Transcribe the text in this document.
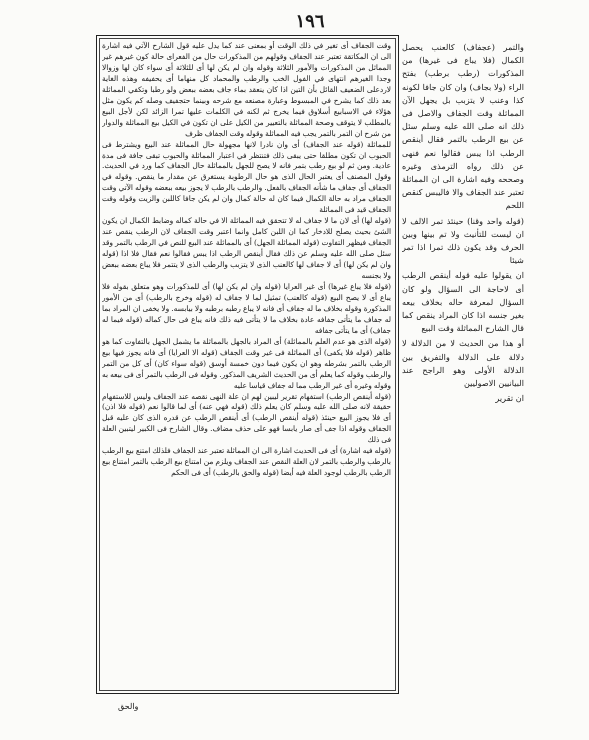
١٩٦

وقت الجفاف أى تغير في ذلك الوقت أو بمعنى عند كما يدل عليه قول الشارح الآتي فيه اشارة الى ان المكاتقة تعتبر عند الجفاف وقولهم من المذكورات حال من الفعراى حالة كون غيرهم غير المماثل من المذكورات والأمور الثلاثة وقوله وان لم يكن لها أى للثلاثة أى سواء كان لها وزوالا وجدا الغيرهم انتهاى في الفول الخب والرطب والمحماد كل منهاما أى يحفيفه وهذه الغاية لاردعلى الضعيف القائل بأن التين اذا كان ينعقد بماء جاف بعضه ببعض ولو رطبا وتكفي المماثلة بعد ذلك كما يشرح في المبسوط وعبارة مصنعه مع شرحه وبينما حتجفيف وصله كم يكون مثل هؤلاء في الاسبابيع أسلاوق فيما يخرج ثم لكنه في الكلمات عليها تمرا الزائد لكن لأجل البيع بالمطلب لا يتوقف وصحة المماثلة بالتعيير من الكيل على ان تكون في الكيل بيع المماثلة والدوار من شرح ان التمر بالتمر يجب فيه المماثلة وقوله وقت الجفاف ظرف

للمماثلة (قوله عند الجفاف) أى وان نادرا لانها مجهولة حال المماثلة عند البيع ويشترط فى الحبوب ان تكون مطلقا حتى يبقى ذلك فتنتظر في اعتبار المماثلة والحبوب تبقى جافة فى مدة عادية. ومن ثم لو بيع رطب بتمر فانه لا يصح للجهل بالمماثلة حال الجفاف كما ورد في الحديث. وقول المصنف أى يعتبر الحال الذى هو حال الرطوبة يستغرق عن مقدار ما ينقص. وقوله في الجفاف أى جفاف ما شأنه الجفاف بالفعل. والرطب بالرطب لا يجوز بيعه ببعضه وقوله الآتي وقت الجفاف مراد به حالة الكمال فيما كان له حالة كمال وان لم يكن جافا كاللبن والزيت وقوله وقت الجفاف قيد فى المماثلة

(قوله لها) أى لان ما لا جفاف له لا تتحقق فيه المماثلة الا في حالة كماله وضابط الكمال ان يكون الشئ بحيث يصلح للادخار كما ان اللبن كامل وانما اعتبر وقت الجفاف لان الرطب ينقص عند الجفاف فيظهر التفاوت (قوله المماثلة الجهل) أى بالمماثلة عند البيع للنص في الرطب بالتمر وقد سئل صلى الله عليه وسلم عن ذلك فقال أينقص الرطب اذا يبس فقالوا نعم فقال فلا اذا (قوله وان لم يكن لها) أى لا جفاف لها كالعنب الذى لا يتزبب والرطب الذى لا يتتمر فلا يباع بعضه ببعض ولا بجنسه

(قوله فلا يباع غيرها) أى غير العرايا (قوله وان لم يكن لها) أى للمذكورات وهو متعلق بقوله فلا يباع أى لا يصح البيع (قوله كالعنب) تمثيل لما لا جفاف له (قوله وخرج بالرطب) أى من الأمور المذكورة وقوله بخلاف ما له جفاف أى فانه لا يباع رطبه برطبه ولا بيابسه. ولا يخفى ان المراد بما له جفاف ما يتأتى جفافه عادة بخلاف ما لا يتأتى فيه ذلك فانه يباع فى حال كماله (قوله فيما له جفاف) أى ما يتأتى جفافه

(قوله الذى هو عدم العلم بالمماثلة) أى المراد بالجهل بالمماثلة ما يشمل الجهل بالتفاوت كما هو ظاهر (قوله فلا يكفى) أى المماثلة فى غير وقت الجفاف (قوله الا العرايا) أى فانه يجوز فيها بيع الرطب بالتمر بشرطه وهو ان يكون فيما دون خمسة أوسق (قوله سواء كان) أى كل من التمر والرطب وقوله كما يعلم أى من الحديث الشريف المذكور. وقوله فى الرطب بالتمر أى فى بيعه به وقوله وغيره أى غير الرطب مما له جفاف قياسا عليه

(قوله أينقص الرطب) استفهام تقرير ليبين لهم ان علة النهى نقصه عند الجفاف وليس للاستفهام حقيقة لانه صلى الله عليه وسلم كان يعلم ذلك (قوله فهي عنه) أى لما قالوا نعم (قوله فلا اذن) أى فلا يجوز البيع حينئذ (قوله أينقص الرطب) أى أينقص الرطب عن قدره الذى كان عليه قبل الجفاف وقوله اذا جف أى صار يابسا فهو على حذف مضاف. وقال الشارح فى الكبير ليتبين العلة فى ذلك

(قوله فيه اشارة) أى فى الحديث اشارة الى ان المماثلة تعتبر عند الجفاف فلذلك امتنع بيع الرطب بالرطب والرطب بالتمر لان العلة النقص عند الجفاف ويلزم من امتناع بيع الرطب بالتمر امتناع بيع الرطب بالرطب لوجود العلة فيه أيضا (قوله والحق بالرطب) أى فى الحكم

والتمر (عجفاف) كالعنب يحصل الكمال (فلا يباع فى غيرها) من المذكورات (رطب برطب) بفتح الراء (ولا بجاف) وان كان جافا لكونه كذا وعنب لا يتزبب بل يجهل الآن المماثلة وقت الجفاف والاصل فى ذلك انه صلى الله عليه وسلم سئل عن بيع الرطب بالتمر فقال أينقص الرطب اذا يبس فقالوا نعم فنهى عن ذلك رواه الترمذى وغيره وصححه وفيه اشارة الى ان المماثلة تعتبر عند الجفاف والا فاليبس كنقص اللحم

(قوله واحد وقنا) حينئذ تمر الالف لا ان ليست للتأنيث ولا تم بينها وبين الحرف وقد يكون ذلك تمرا اذا تمر شيئا

ان يقولوا عليه قوله أينقص الرطب أى لاحاجة الى السؤال ولو كان السؤال لمعرفة حاله بخلاف بيعه بغير جنسه اذا كان المراد ينقص كما قال الشارح المماثلة وقت البيع

أو هذا من الحديث لا من الدلالة لا دلالة على الدلالة والتفريق بين الدلالة الأولى وهو الراجح عند البيانيين الاصوليين

ان تقرير

والحق
